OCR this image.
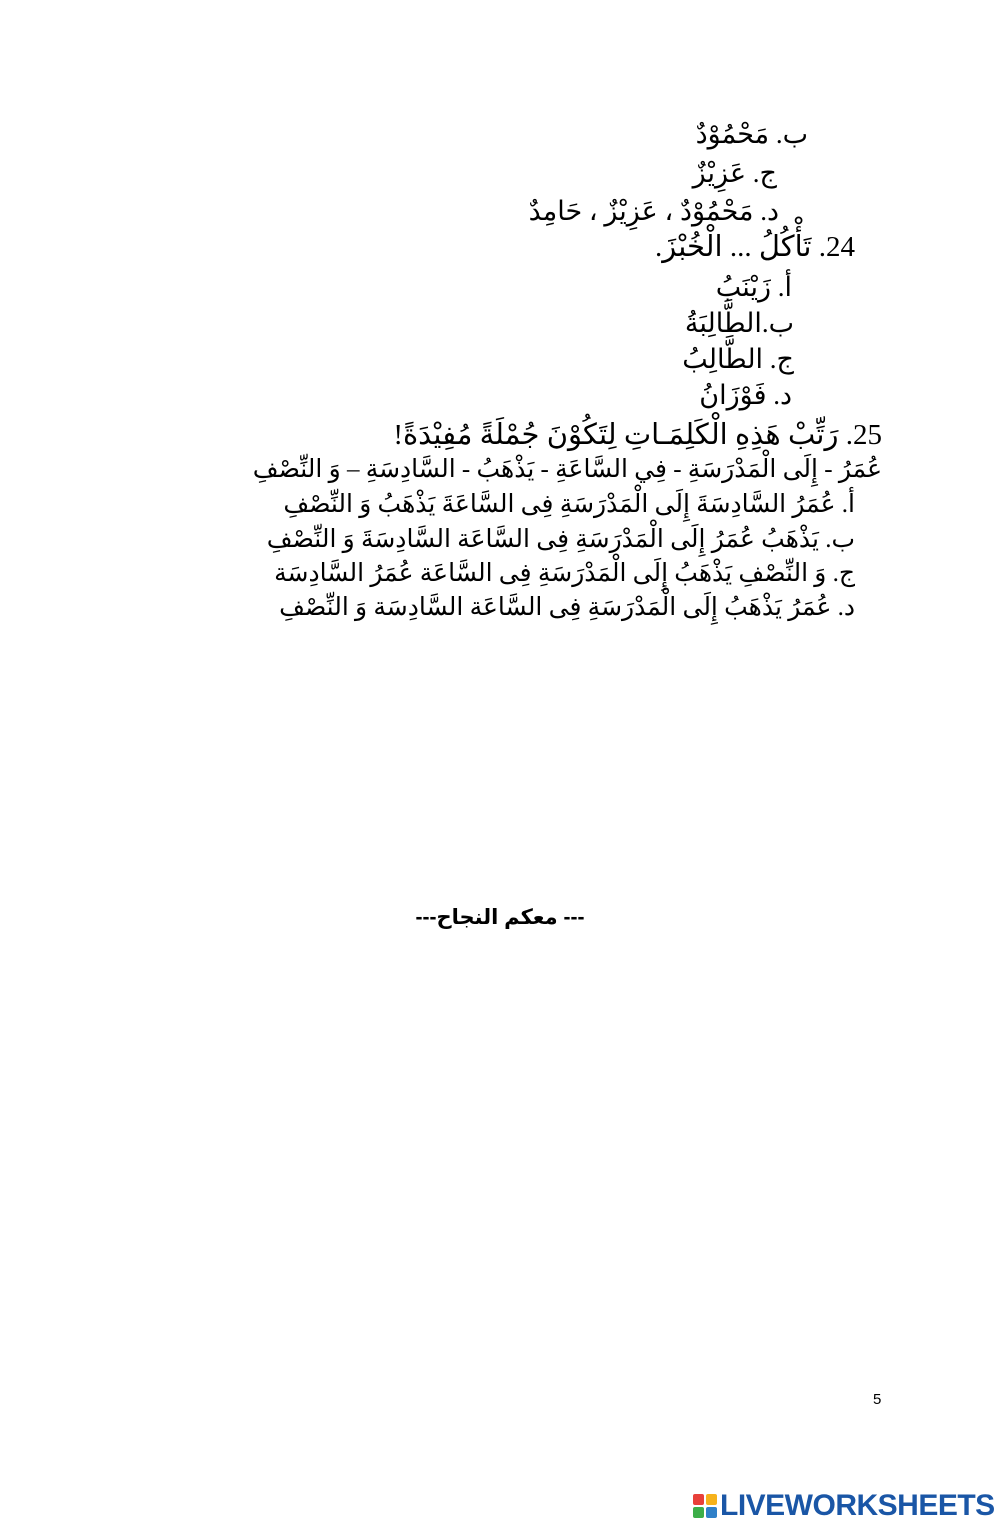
ب. مَحْمُوْدٌ
ج. عَزِيْزٌ
د. مَحْمُوْدٌ ، عَزِيْزٌ ، حَامِدٌ
24. تَأْكُلُ ... الْخُبْزَ.
أ. زَيْنَبُ
ب.الطَّالِبَةُ
ج. الطَّالِبُ
د. فَوْزَانُ
25. رَتِّبْ هَذِهِ الْكَلِمَـاتِ لِتَكُوْنَ جُمْلَةً مُفِيْدَةً!
عُمَرُ - إِلَى الْمَدْرَسَةِ - فِي السَّاعَةِ - يَذْهَبُ - السَّادِسَةِ – وَ النِّصْفِ
أ. عُمَرُ السَّادِسَةَ إِلَى الْمَدْرَسَةِ فِى السَّاعَةَ يَذْهَبُ وَ النِّصْفِ
ب. يَذْهَبُ عُمَرُ إِلَى الْمَدْرَسَةِ فِى السَّاعَة السَّادِسَةَ وَ النِّصْفِ
ج. وَ النِّصْفِ يَذْهَبُ إِلَى الْمَدْرَسَةِ فِى السَّاعَة عُمَرُ السَّادِسَة
د. عُمَرُ يَذْهَبُ إِلَى الْمَدْرَسَةِ فِى السَّاعَة السَّادِسَة وَ النِّصْفِ
--- معكم النجاح---
5
LIVEWORKSHEETS
